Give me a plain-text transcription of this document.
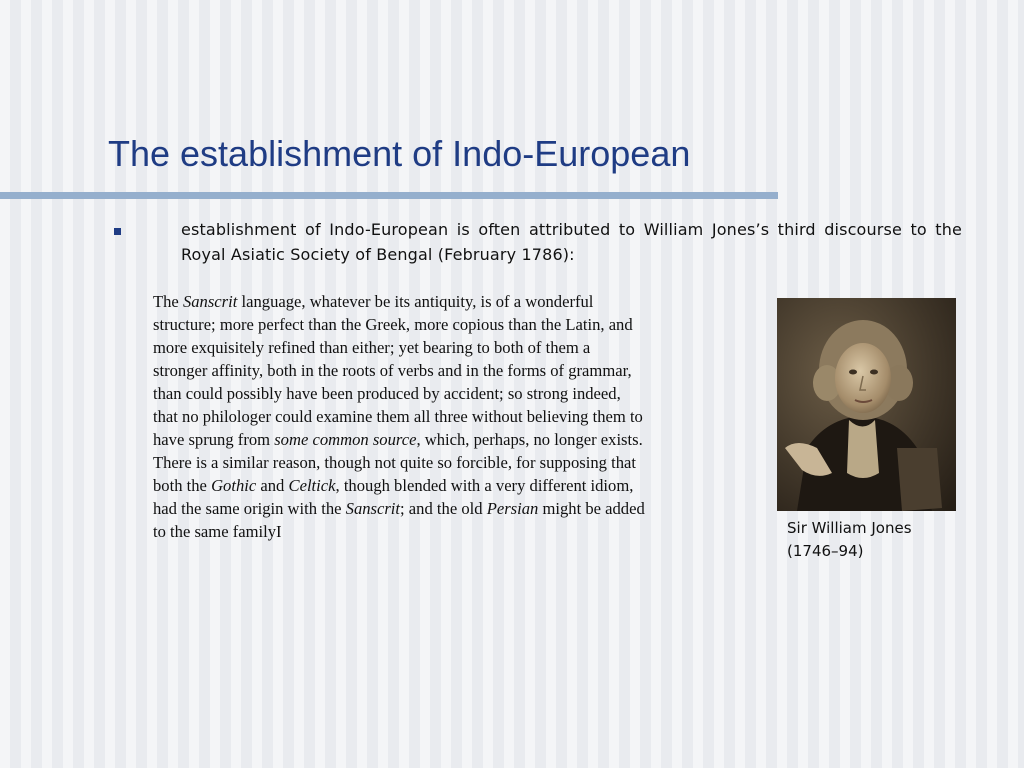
The establishment of Indo-European

establishment of Indo-European is often attributed to William Jones’s third discourse to the Royal Asiatic Society of Bengal (February 1786):

The Sanscrit language, whatever be its antiquity, is of a wonderful
structure; more perfect than the Greek, more copious than the Latin, and
more exquisitely refined than either; yet bearing to both of them a
stronger affinity, both in the roots of verbs and in the forms of grammar,
than could possibly have been produced by accident; so strong indeed,
that no philologer could examine them all three without believing them to
have sprung from some common source, which, perhaps, no longer exists.
There is a similar reason, though not quite so forcible, for supposing that
both the Gothic and Celtick, though blended with a very different idiom,
had the same origin with the Sanscrit; and the old Persian might be added
to the same familyI	Sir William Jones
(1746–94)
